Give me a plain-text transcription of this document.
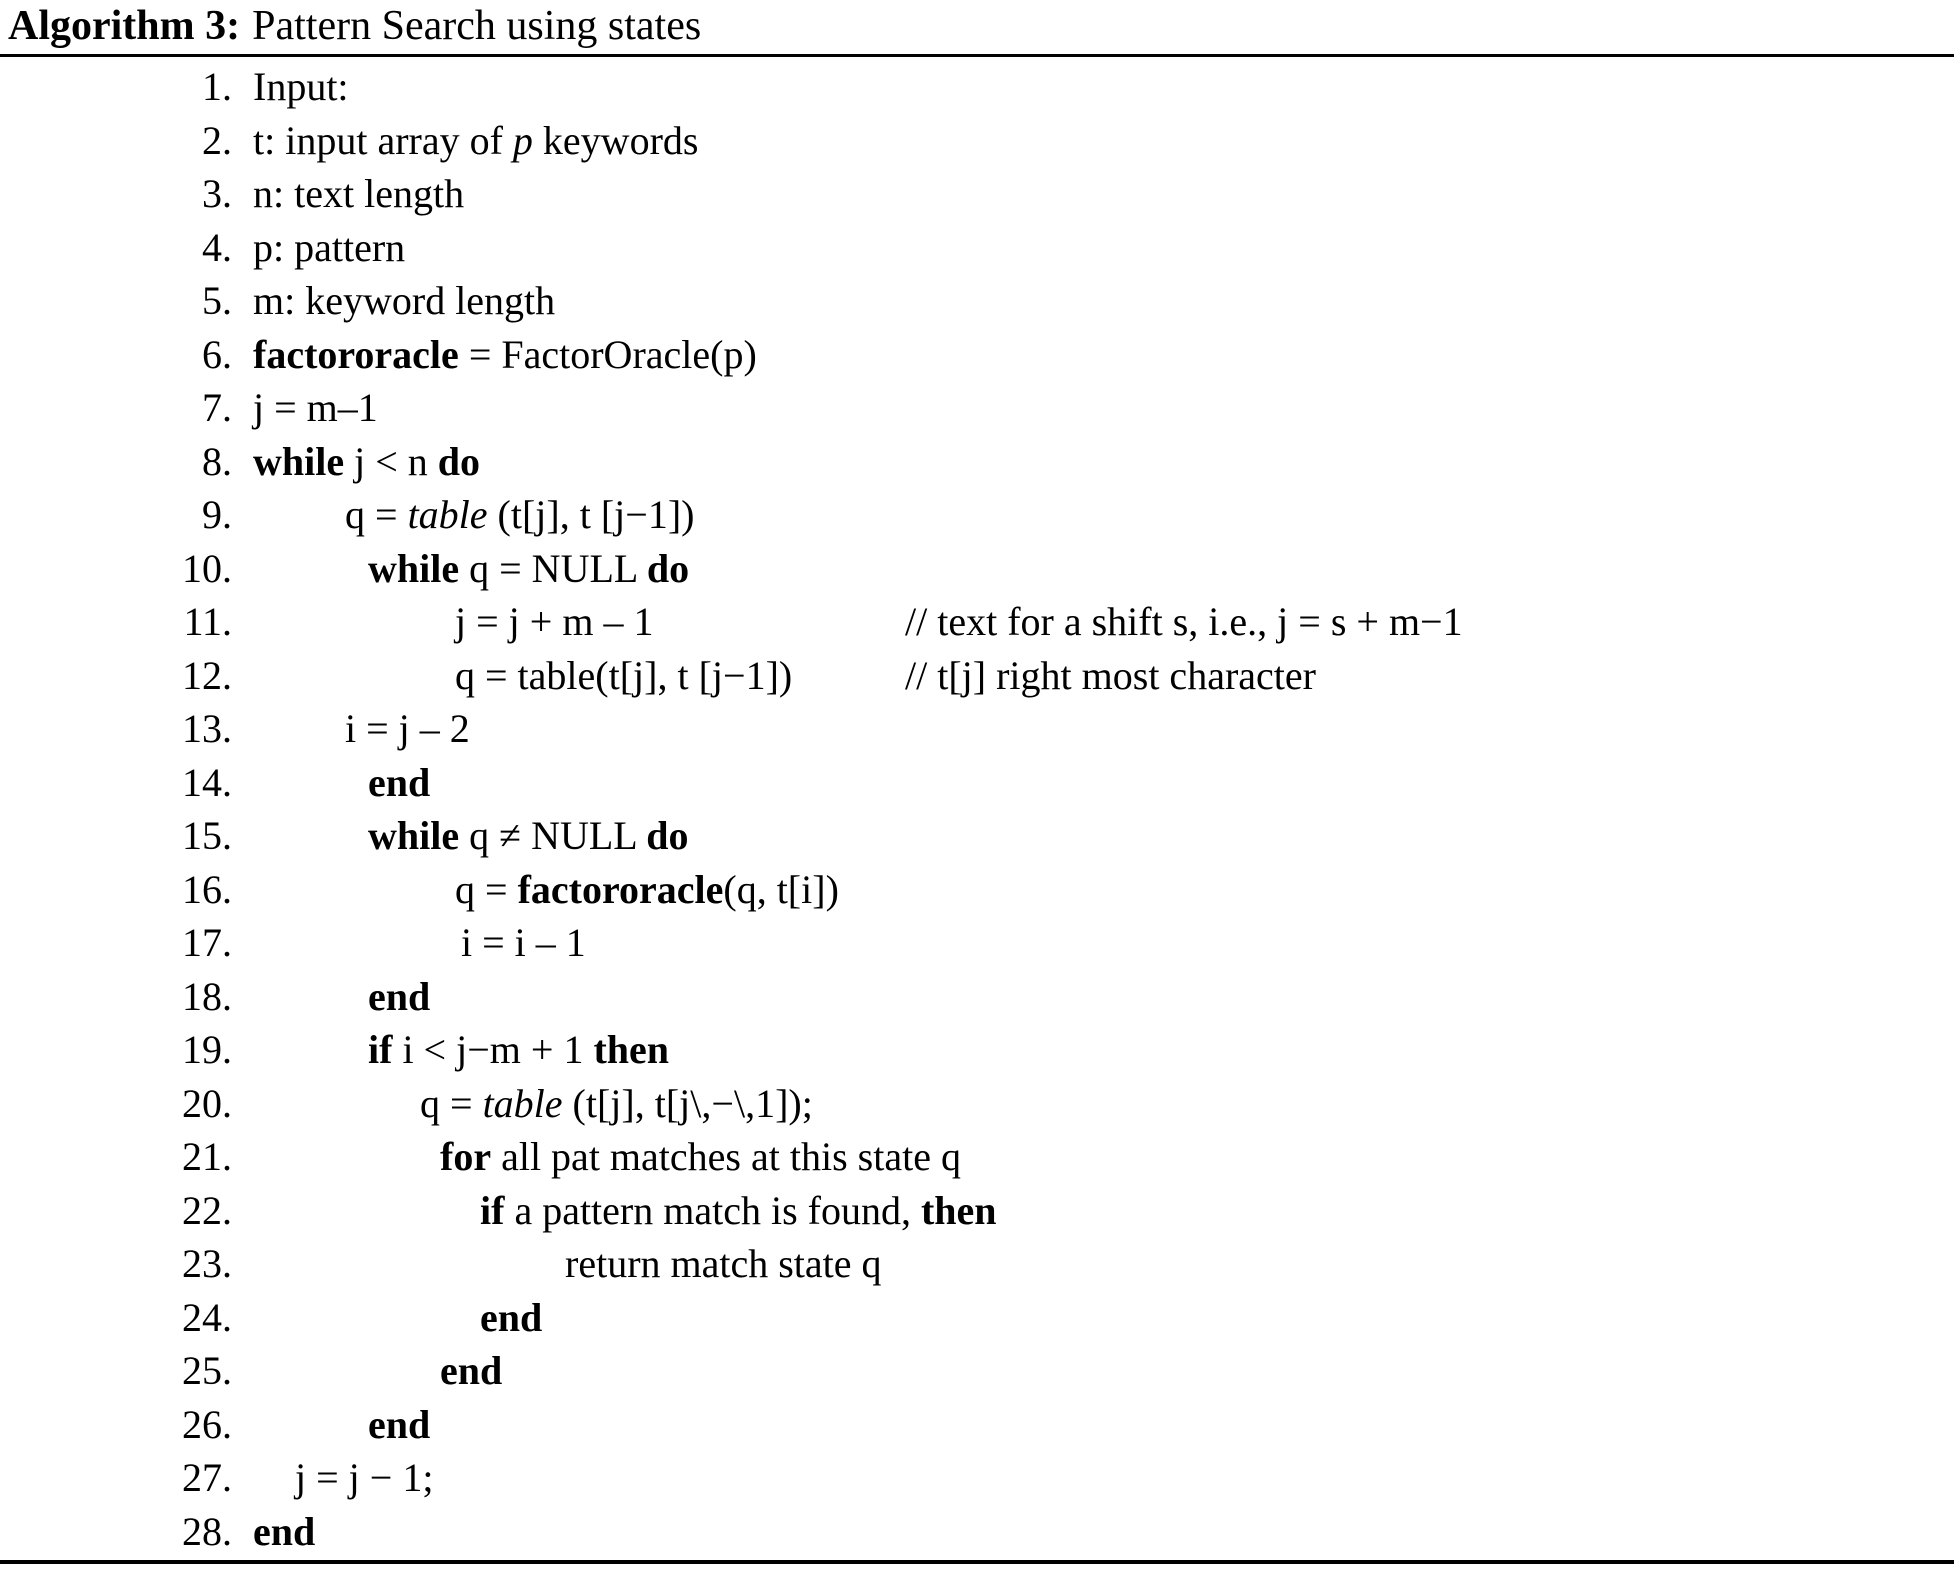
Algorithm 3: Pattern Search using states
1. Input:
2. t: input array of p keywords
3. n: text length
4. p: pattern
5. m: keyword length
6. factororacle = FactorOracle(p)
7. j = m–1
8. while j < n do
9.	q = table (t[j], t [j−1])
10.	while q = NULL do
11.	j = j + m – 1	// text for a shift s, i.e., j = s + m−1
12.	q = table(t[j], t [j−1])	// t[j] right most character
13.	i = j – 2
14.	end
15.	while q ≠ NULL do
16.	q = factororacle(q, t[i])
17.	i = i – 1
18.	end
19.	if i < j−m + 1 then
20.	q = table (t[j], t[j\,−\,1]);
21.	for all pat matches at this state q
22.	if a pattern match is found, then
23.	return match state q
24.	end
25.	end
26.	end
27. j = j − 1;
28. end
